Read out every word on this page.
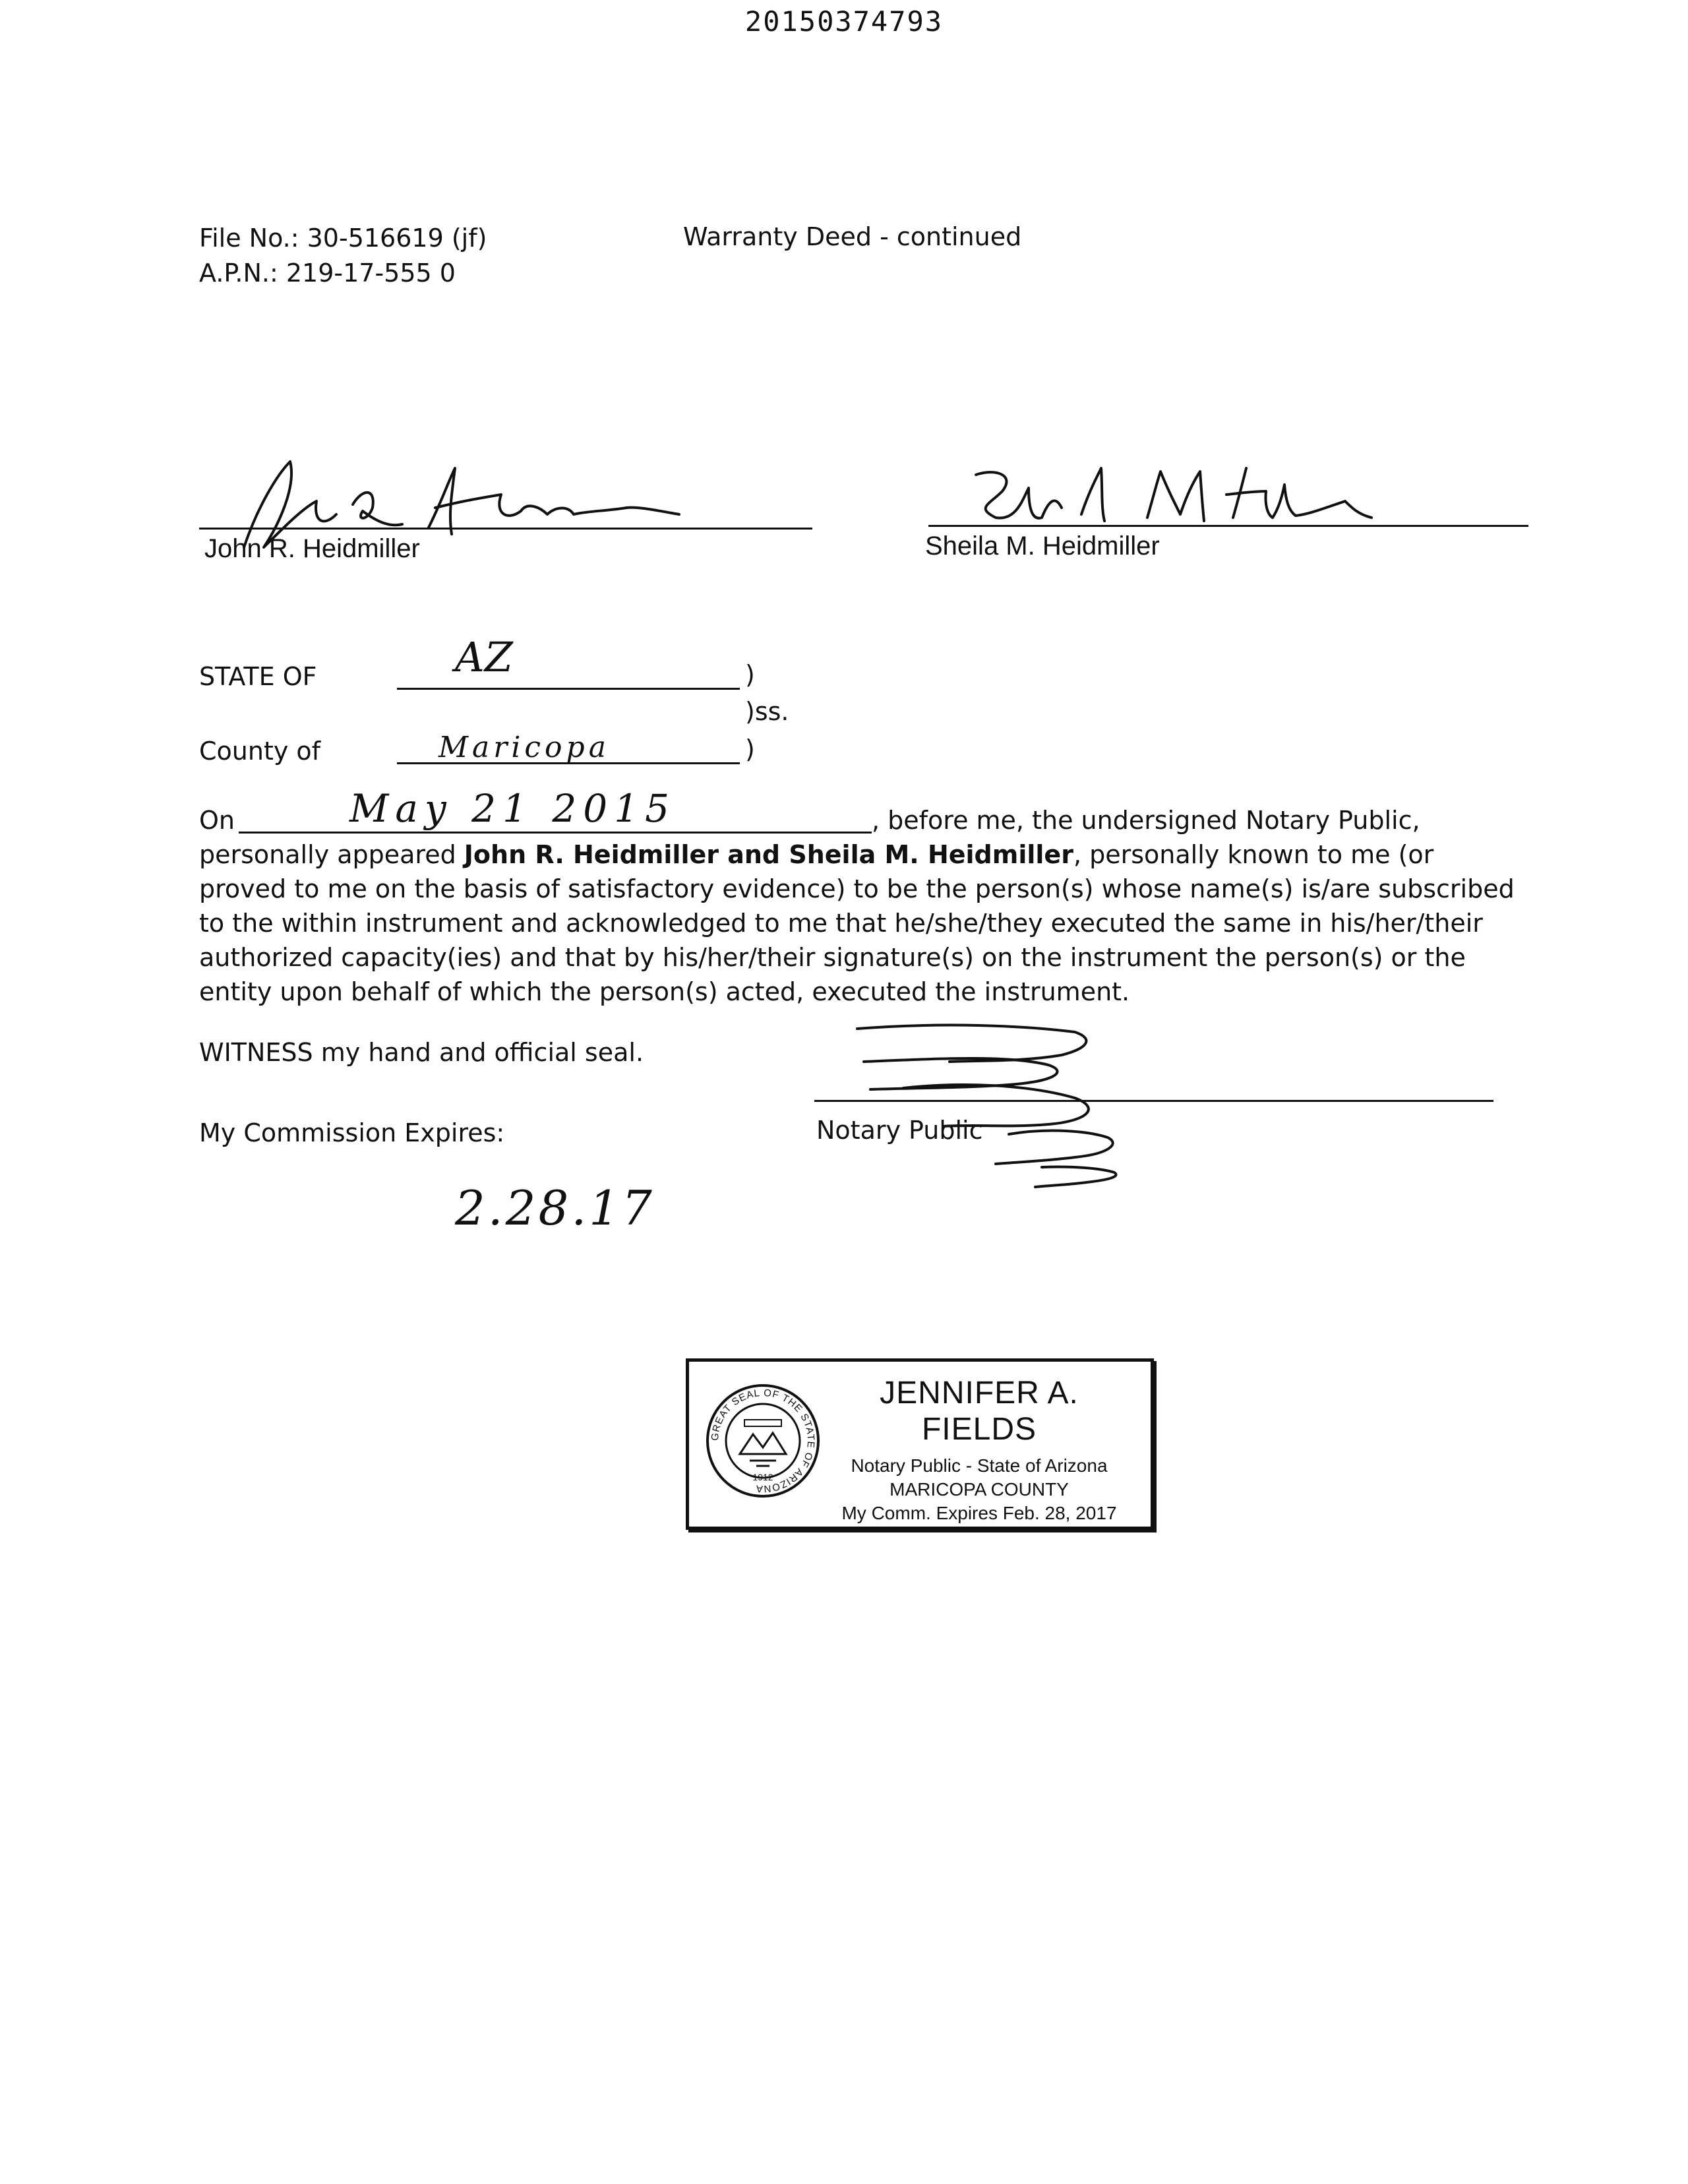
20150374793
File No.: 30-516619 (jf)
A.P.N.: 219-17-555 0
Warranty Deed - continued
John R. Heidmiller	Sheila M. Heidmiller
STATE OF	AZ	)
)ss.
County of	Maricopa	)
On	May 21 2015	, before me, the undersigned Notary Public,
personally appeared John R. Heidmiller and Sheila M. Heidmiller, personally known to me (or
proved to me on the basis of satisfactory evidence) to be the person(s) whose name(s) is/are subscribed
to the within instrument and acknowledged to me that he/she/they executed the same in his/her/their
authorized capacity(ies) and that by his/her/their signature(s) on the instrument the person(s) or the
entity upon behalf of which the person(s) acted, executed the instrument.
WITNESS my hand and official seal.
My Commission Expires:	Notary Public
2.28.17
GREAT SEAL OF THE STATE OF ARIZONA
1912
JENNIFER A. FIELDS
Notary Public - State of Arizona
MARICOPA COUNTY
My Comm. Expires Feb. 28, 2017
